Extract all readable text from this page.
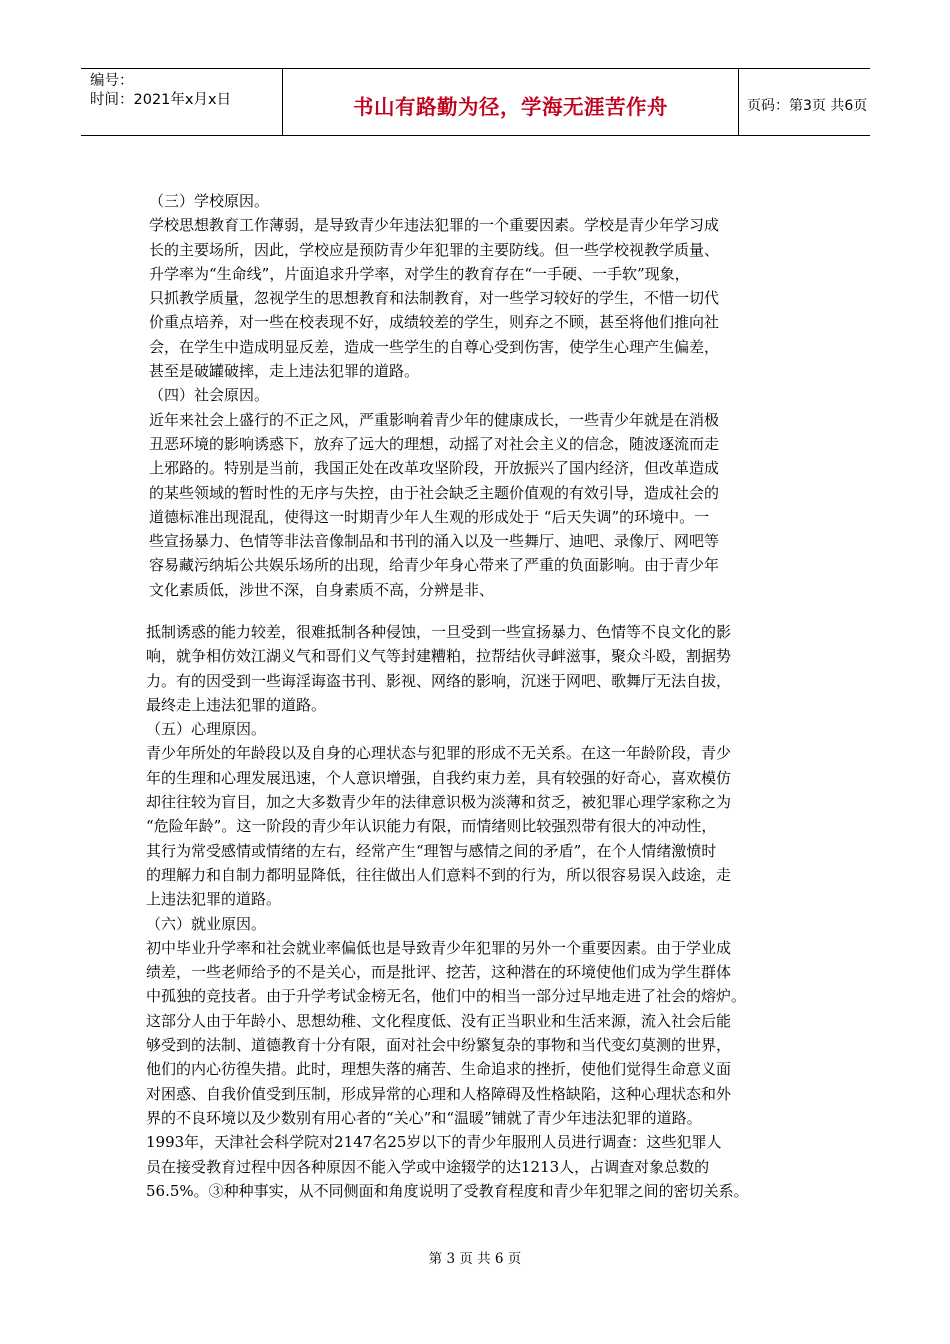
编号：
时间：2021年x月x日	书山有路勤为径，学海无涯苦作舟	页码：第3页 共6页

（三）学校原因。

学校思想教育工作薄弱，是导致青少年违法犯罪的一个重要因素。学校是青少年学习成

长的主要场所，因此，学校应是预防青少年犯罪的主要防线。但一些学校视教学质量、

升学率为“生命线”，片面追求升学率，对学生的教育存在“一手硬、一手软”现象，

只抓教学质量，忽视学生的思想教育和法制教育，对一些学习较好的学生，不惜一切代

价重点培养，对一些在校表现不好，成绩较差的学生，则弃之不顾，甚至将他们推向社

会，在学生中造成明显反差，造成一些学生的自尊心受到伤害，使学生心理产生偏差，

甚至是破罐破摔，走上违法犯罪的道路。

（四）社会原因。

近年来社会上盛行的不正之风，严重影响着青少年的健康成长，一些青少年就是在消极

丑恶环境的影响诱惑下，放弃了远大的理想，动摇了对社会主义的信念，随波逐流而走

上邪路的。特别是当前，我国正处在改革攻坚阶段，开放振兴了国内经济，但改革造成

的某些领域的暂时性的无序与失控，由于社会缺乏主题价值观的有效引导，造成社会的

道德标准出现混乱，使得这一时期青少年人生观的形成处于 “后天失调”的环境中。一

些宣扬暴力、色情等非法音像制品和书刊的涌入以及一些舞厅、迪吧、录像厅、网吧等

容易藏污纳垢公共娱乐场所的出现，给青少年身心带来了严重的负面影响。由于青少年

文化素质低，涉世不深，自身素质不高，分辨是非、

抵制诱惑的能力较差，很难抵制各种侵蚀，一旦受到一些宣扬暴力、色情等不良文化的影

响，就争相仿效江湖义气和哥们义气等封建糟粕，拉帮结伙寻衅滋事，聚众斗殴，割据势

力。有的因受到一些诲淫诲盗书刊、影视、网络的影响，沉迷于网吧、歌舞厅无法自拔，

最终走上违法犯罪的道路。

（五）心理原因。

青少年所处的年龄段以及自身的心理状态与犯罪的形成不无关系。在这一年龄阶段，青少

年的生理和心理发展迅速，个人意识增强，自我约束力差，具有较强的好奇心，喜欢模仿

却往往较为盲目，加之大多数青少年的法律意识极为淡薄和贫乏，被犯罪心理学家称之为

“危险年龄”。这一阶段的青少年认识能力有限，而情绪则比较强烈带有很大的冲动性，

其行为常受感情或情绪的左右，经常产生“理智与感情之间的矛盾”，在个人情绪激愤时

的理解力和自制力都明显降低，往往做出人们意料不到的行为，所以很容易误入歧途，走

上违法犯罪的道路。

（六）就业原因。

初中毕业升学率和社会就业率偏低也是导致青少年犯罪的另外一个重要因素。由于学业成

绩差，一些老师给予的不是关心，而是批评、挖苦，这种潜在的环境使他们成为学生群体

中孤独的竞技者。由于升学考试金榜无名，他们中的相当一部分过早地走进了社会的熔炉。

这部分人由于年龄小、思想幼稚、文化程度低、没有正当职业和生活来源，流入社会后能

够受到的法制、道德教育十分有限，面对社会中纷繁复杂的事物和当代变幻莫测的世界，

他们的内心彷徨失措。此时，理想失落的痛苦、生命追求的挫折，使他们觉得生命意义面

对困惑、自我价值受到压制，形成异常的心理和人格障碍及性格缺陷，这种心理状态和外

界的不良环境以及少数别有用心者的“关心”和“温暖”铺就了青少年违法犯罪的道路。

1993年，天津社会科学院对2147名25岁以下的青少年服刑人员进行调查：这些犯罪人

员在接受教育过程中因各种原因不能入学或中途辍学的达1213人，占调查对象总数的

56.5%。③种种事实，从不同侧面和角度说明了受教育程度和青少年犯罪之间的密切关系。

第 3 页 共 6 页
